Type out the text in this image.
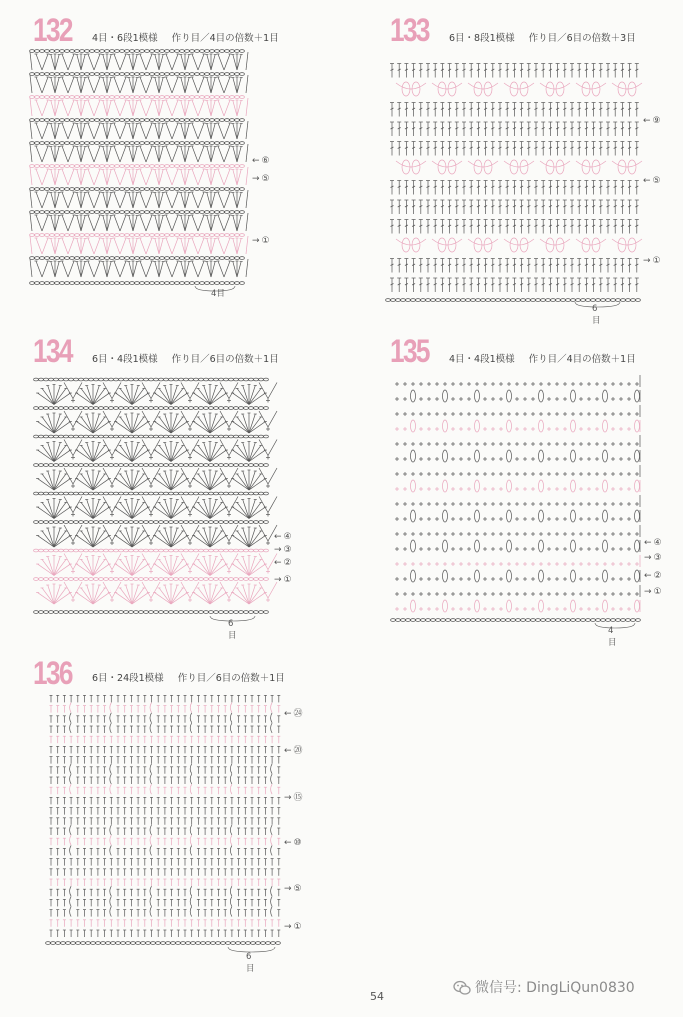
132 4目・6段1模様 作り目／4目の倍数＋1目
← ⑥
→ ⑤
→ ①
4目
133 6目・8段1模様 作り目／6目の倍数＋3目
← ⑨
← ⑤
→ ①
6目
134 6目・4段1模様 作り目／6目の倍数＋1目
← ④
→ ③
← ②
→ ①
6目
135 4目・4段1模様 作り目／4目の倍数＋1目
← ④
→ ③
← ②
→ ①
4目
136 6目・24段1模様 作り目／6目の倍数＋1目
← ㉔
← ⑳
→ ⑮
← ⑩
→ ⑤
→ ①
6目
54
微信号: DingLiQun0830
